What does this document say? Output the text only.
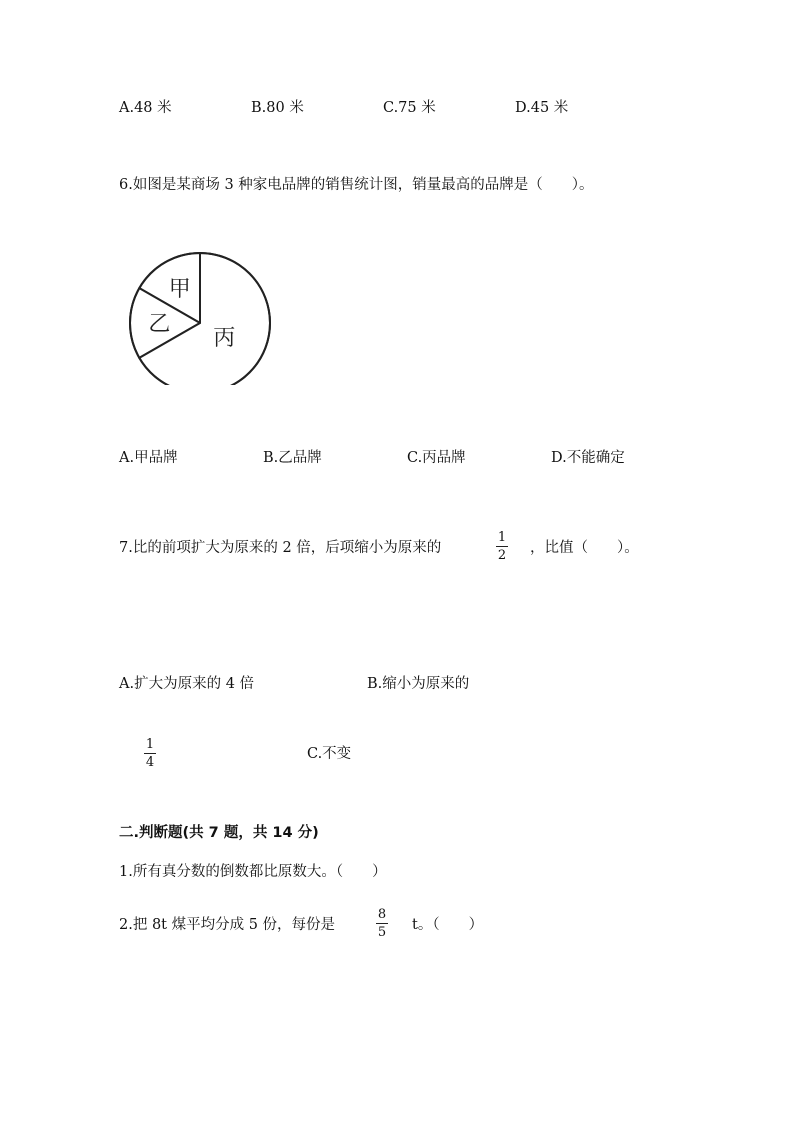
A.48 米	B.80 米	C.75 米	D.45 米
6.如图是某商场 3 种家电品牌的销售统计图，销量最高的品牌是（　　）。
甲
乙
丙
A.甲品牌	B.乙品牌	C.丙品牌	D.不能确定
7.比的前项扩大为原来的 2 倍，后项缩小为原来的
1
2 ，比值（　　）。
A.扩大为原来的 4 倍	B.缩小为原来的
1
4
C.不变
二.判断题(共 7 题，共 14 分)
1.所有真分数的倒数都比原数大。（　　）
2.把 8t 煤平均分成 5 份，每份是
8
5 t。（　　）
